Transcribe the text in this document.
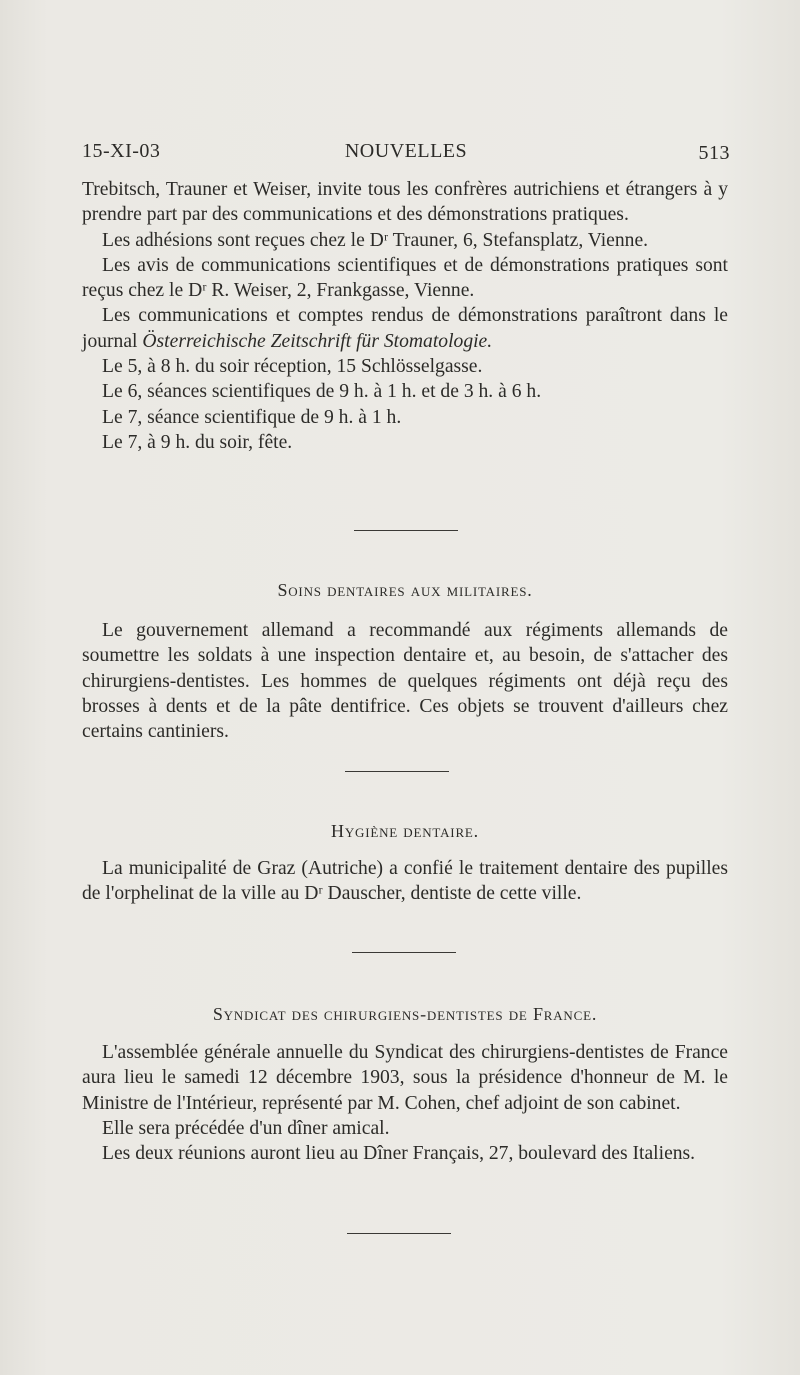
15-XI-03	NOUVELLES	513

Trebitsch, Trauner et Weiser, invite tous les confrères autrichiens et étrangers à y prendre part par des communications et des démonstrations pratiques.

Les adhésions sont reçues chez le Dʳ Trauner, 6, Stefansplatz, Vienne.

Les avis de communications scientifiques et de démonstrations pratiques sont reçus chez le Dʳ R. Weiser, 2, Frankgasse, Vienne.

Les communications et comptes rendus de démonstrations paraîtront dans le journal Österreichische Zeitschrift für Stomatologie.

Le 5, à 8 h. du soir réception, 15 Schlösselgasse.

Le 6, séances scientifiques de 9 h. à 1 h. et de 3 h. à 6 h.

Le 7, séance scientifique de 9 h. à 1 h.

Le 7, à 9 h. du soir, fête.

Soins dentaires aux militaires.

Le gouvernement allemand a recommandé aux régiments allemands de soumettre les soldats à une inspection dentaire et, au besoin, de s'attacher des chirurgiens-dentistes. Les hommes de quelques régiments ont déjà reçu des brosses à dents et de la pâte dentifrice. Ces objets se trouvent d'ailleurs chez certains cantiniers.

Hygiène dentaire.

La municipalité de Graz (Autriche) a confié le traitement dentaire des pupilles de l'orphelinat de la ville au Dʳ Dauscher, dentiste de cette ville.

Syndicat des chirurgiens-dentistes de France.

L'assemblée générale annuelle du Syndicat des chirurgiens-dentistes de France aura lieu le samedi 12 décembre 1903, sous la présidence d'honneur de M. le Ministre de l'Intérieur, représenté par M. Cohen, chef adjoint de son cabinet.

Elle sera précédée d'un dîner amical.

Les deux réunions auront lieu au Dîner Français, 27, boulevard des Italiens.
